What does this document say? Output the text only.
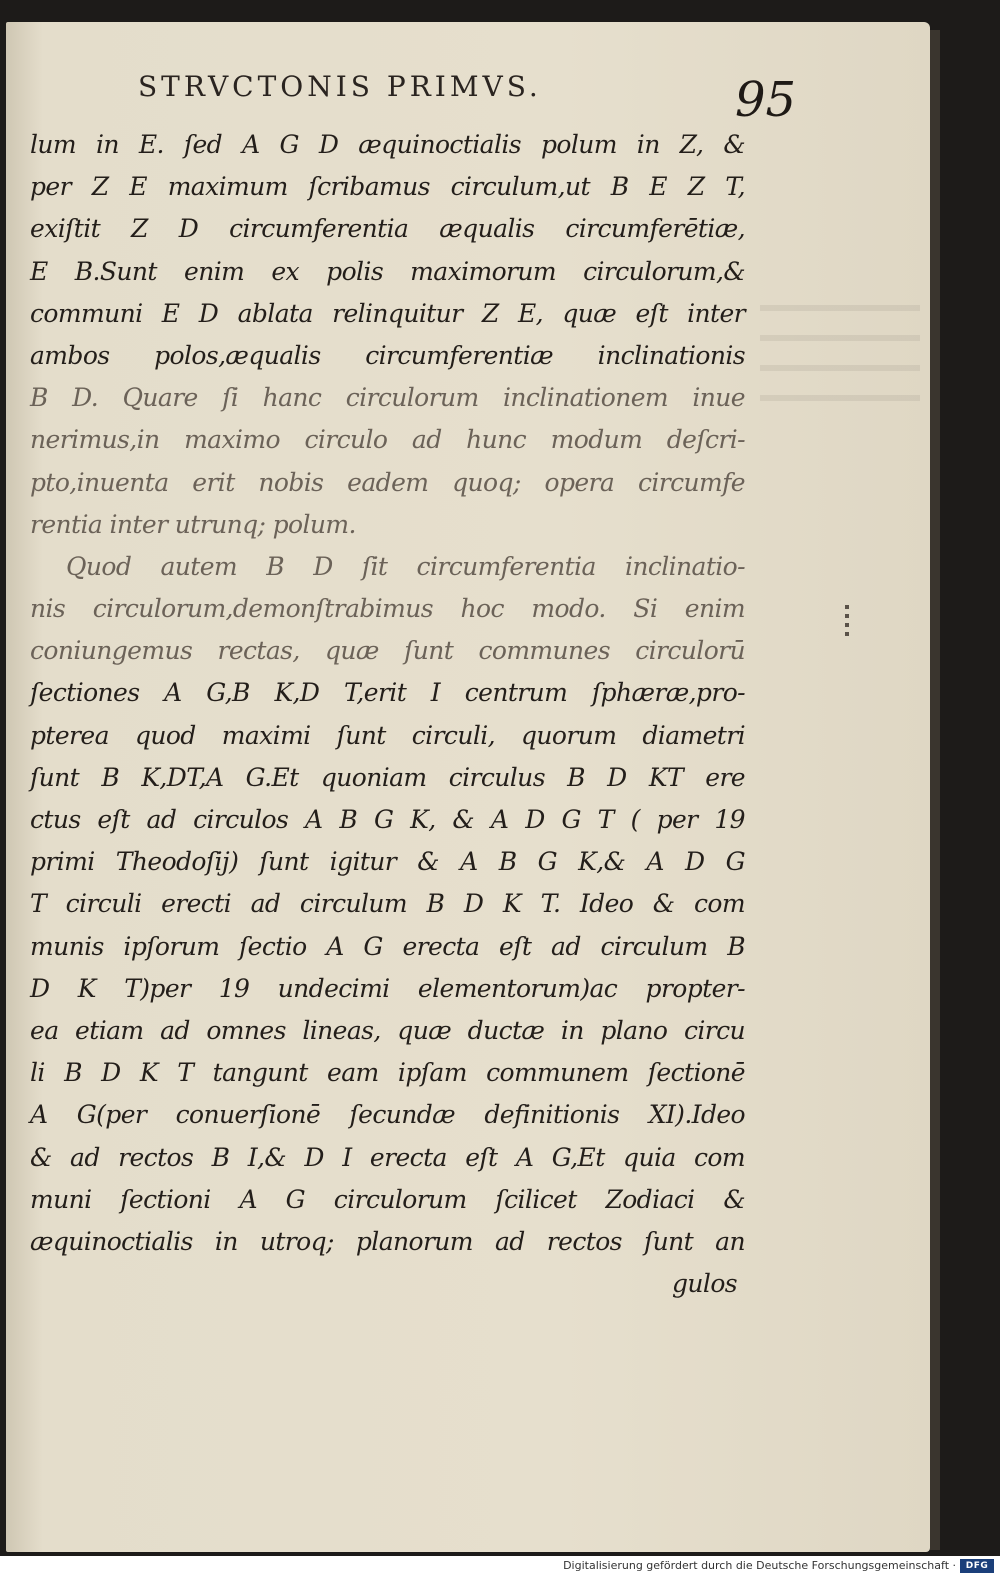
STRVCTONIS PRIMVS.	95
lum in E. ſed A G D æquinoctialis polum in Z, &
per Z E maximum ſcribamus circulum,ut B E Z T,
exiſtit Z D circumferentia æqualis circumferētiæ,
E B.Sunt enim ex polis maximorum circulorum,&
communi E D ablata relinquitur Z E, quæ eſt inter
ambos polos,æqualis circumferentiæ inclinationis
B D. Quare ſi hanc circulorum inclinationem inue
nerimus,in maximo circulo ad hunc modum deſcri-
pto,inuenta erit nobis eadem quoq; opera circumfe
rentia inter utrunq; polum.
Quod autem B D ſit circumferentia inclinatio-
nis circulorum,demonſtrabimus hoc modo. Si enim
coniungemus rectas, quæ ſunt communes circulorū
ſectiones A G,B K,D T,erit I centrum ſphæræ,pro-
pterea quod maximi ſunt circuli, quorum diametri
ſunt B K,DT,A G.Et quoniam circulus B D KT ere
ctus eſt ad circulos A B G K, & A D G T ( per 19
primi Theodoſij) ſunt igitur & A B G K,& A D G
T circuli erecti ad circulum B D K T. Ideo & com
munis ipſorum ſectio A G erecta eſt ad circulum B
D K T)per 19 undecimi elementorum)ac propter-
ea etiam ad omnes lineas, quæ ductæ in plano circu
li B D K T tangunt eam ipſam communem ſectionē
A G(per conuerſionē ſecundæ definitionis XI).Ideo
& ad rectos B I,& D I erecta eſt A G,Et quia com
muni ſectioni A G circulorum ſcilicet Zodiaci &
æquinoctialis in utroq; planorum ad rectos ſunt an
gulos
Digitalisierung gefördert durch die Deutsche Forschungsgemeinschaft ·	DFG
